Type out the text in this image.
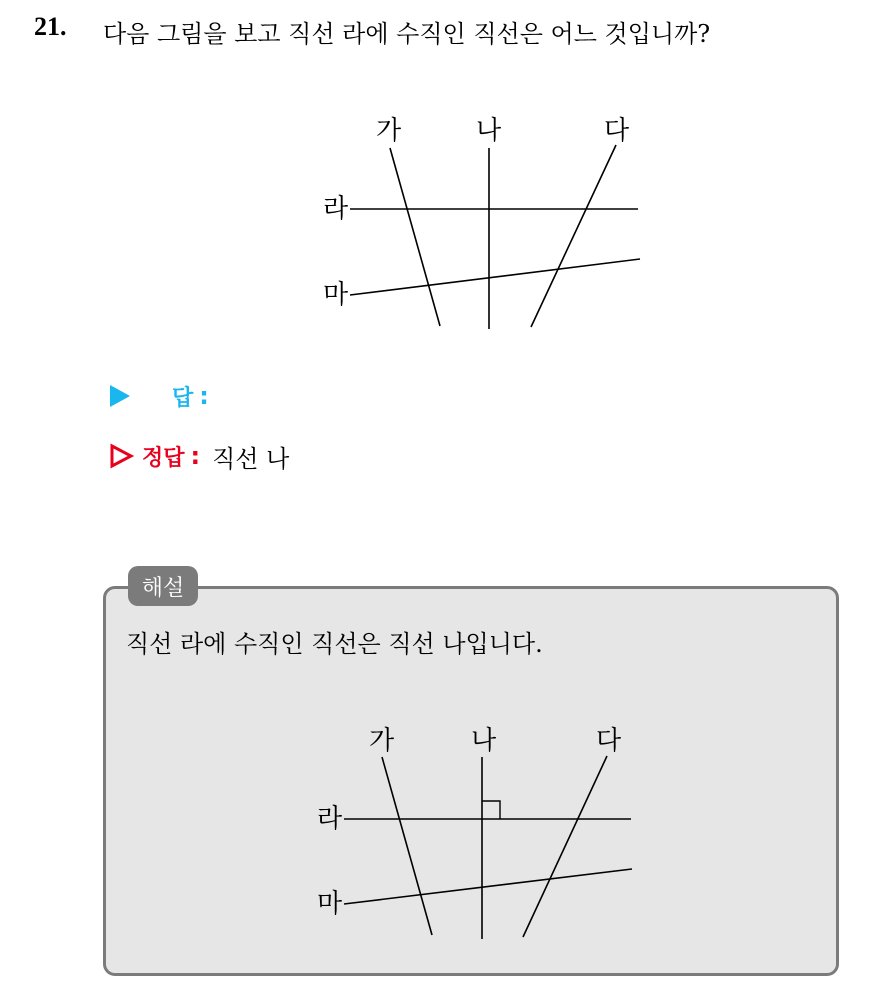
21. 다음 그림을 보고 직선 라에 수직인 직선은 어느 것입니까?
가	나	다
라
마
답 :
정답 : 직선 나
해설
직선 라에 수직인 직선은 직선 나입니다.
가	나	다
라
마
